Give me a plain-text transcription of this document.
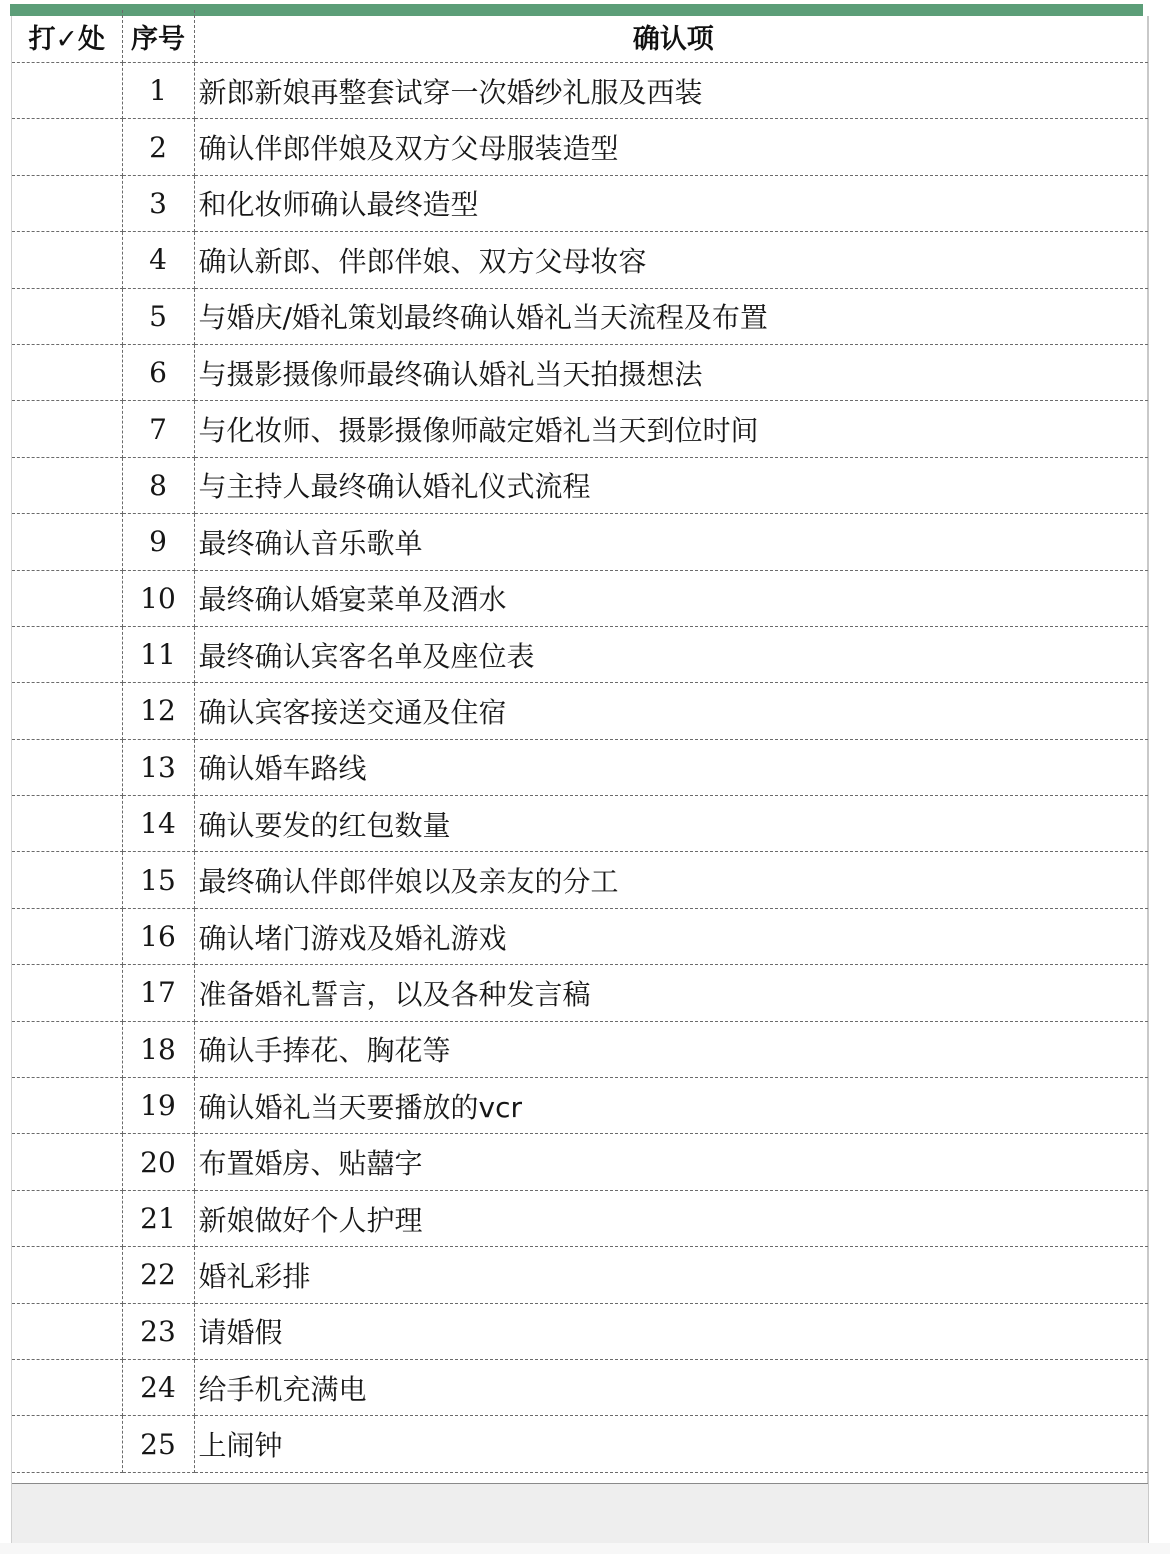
打✓处	序号	确认项
	1	新郎新娘再整套试穿一次婚纱礼服及西装
	2	确认伴郎伴娘及双方父母服装造型
	3	和化妆师确认最终造型
	4	确认新郎、伴郎伴娘、双方父母妆容
	5	与婚庆/婚礼策划最终确认婚礼当天流程及布置
	6	与摄影摄像师最终确认婚礼当天拍摄想法
	7	与化妆师、摄影摄像师敲定婚礼当天到位时间
	8	与主持人最终确认婚礼仪式流程
	9	最终确认音乐歌单
	10	最终确认婚宴菜单及酒水
	11	最终确认宾客名单及座位表
	12	确认宾客接送交通及住宿
	13	确认婚车路线
	14	确认要发的红包数量
	15	最终确认伴郎伴娘以及亲友的分工
	16	确认堵门游戏及婚礼游戏
	17	准备婚礼誓言，以及各种发言稿
	18	确认手捧花、胸花等
	19	确认婚礼当天要播放的vcr
	20	布置婚房、贴囍字
	21	新娘做好个人护理
	22	婚礼彩排
	23	请婚假
	24	给手机充满电
	25	上闹钟
